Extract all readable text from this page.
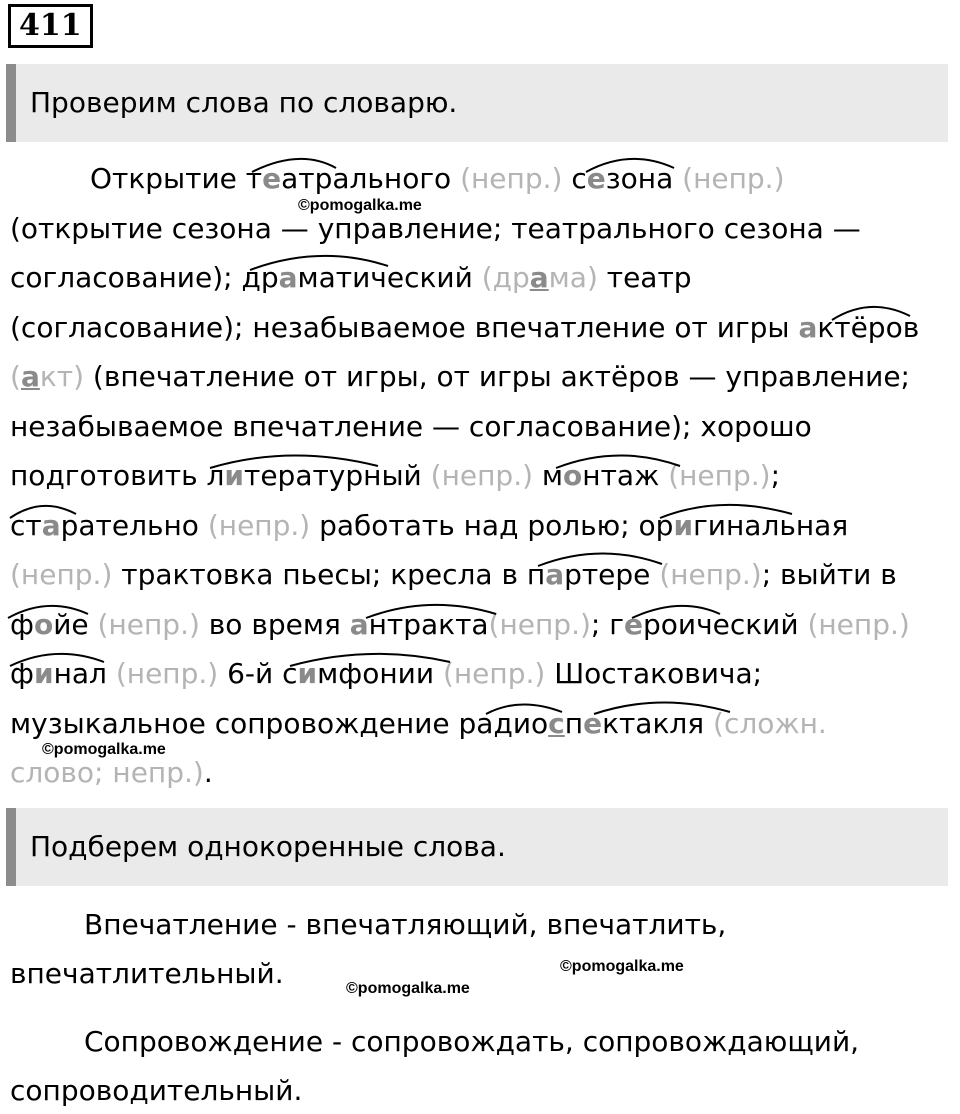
411
Проверим слова по словарю.
Открытие театрального (непр.) сезона (непр.)
©pomogalka.me
(открытие сезона — управление; театрального сезона —
согласование); драматический (драма) театр
(согласование); незабываемое впечатление от игры актёров
(акт) (впечатление от игры, от игры актёров — управление;
незабываемое впечатление — согласование); хорошо
подготовить литературный (непр.) монтаж (непр.);
старательно (непр.) работать над ролью; оригинальная
(непр.) трактовка пьесы; кресла в партере (непр.); выйти в
фойе (непр.) во время антракта(непр.); героический (непр.)
финал (непр.) 6-й симфонии (непр.) Шостаковича;
музыкальное сопровождение радиоспектакля (сложн.
©pomogalka.me
слово; непр.).
Подберем однокоренные слова.
Впечатление - впечатляющий, впечатлить,
впечатлительный.	©pomogalka.me
©pomogalka.me
Сопровождение - сопровождать, сопровождающий,
сопроводительный.
